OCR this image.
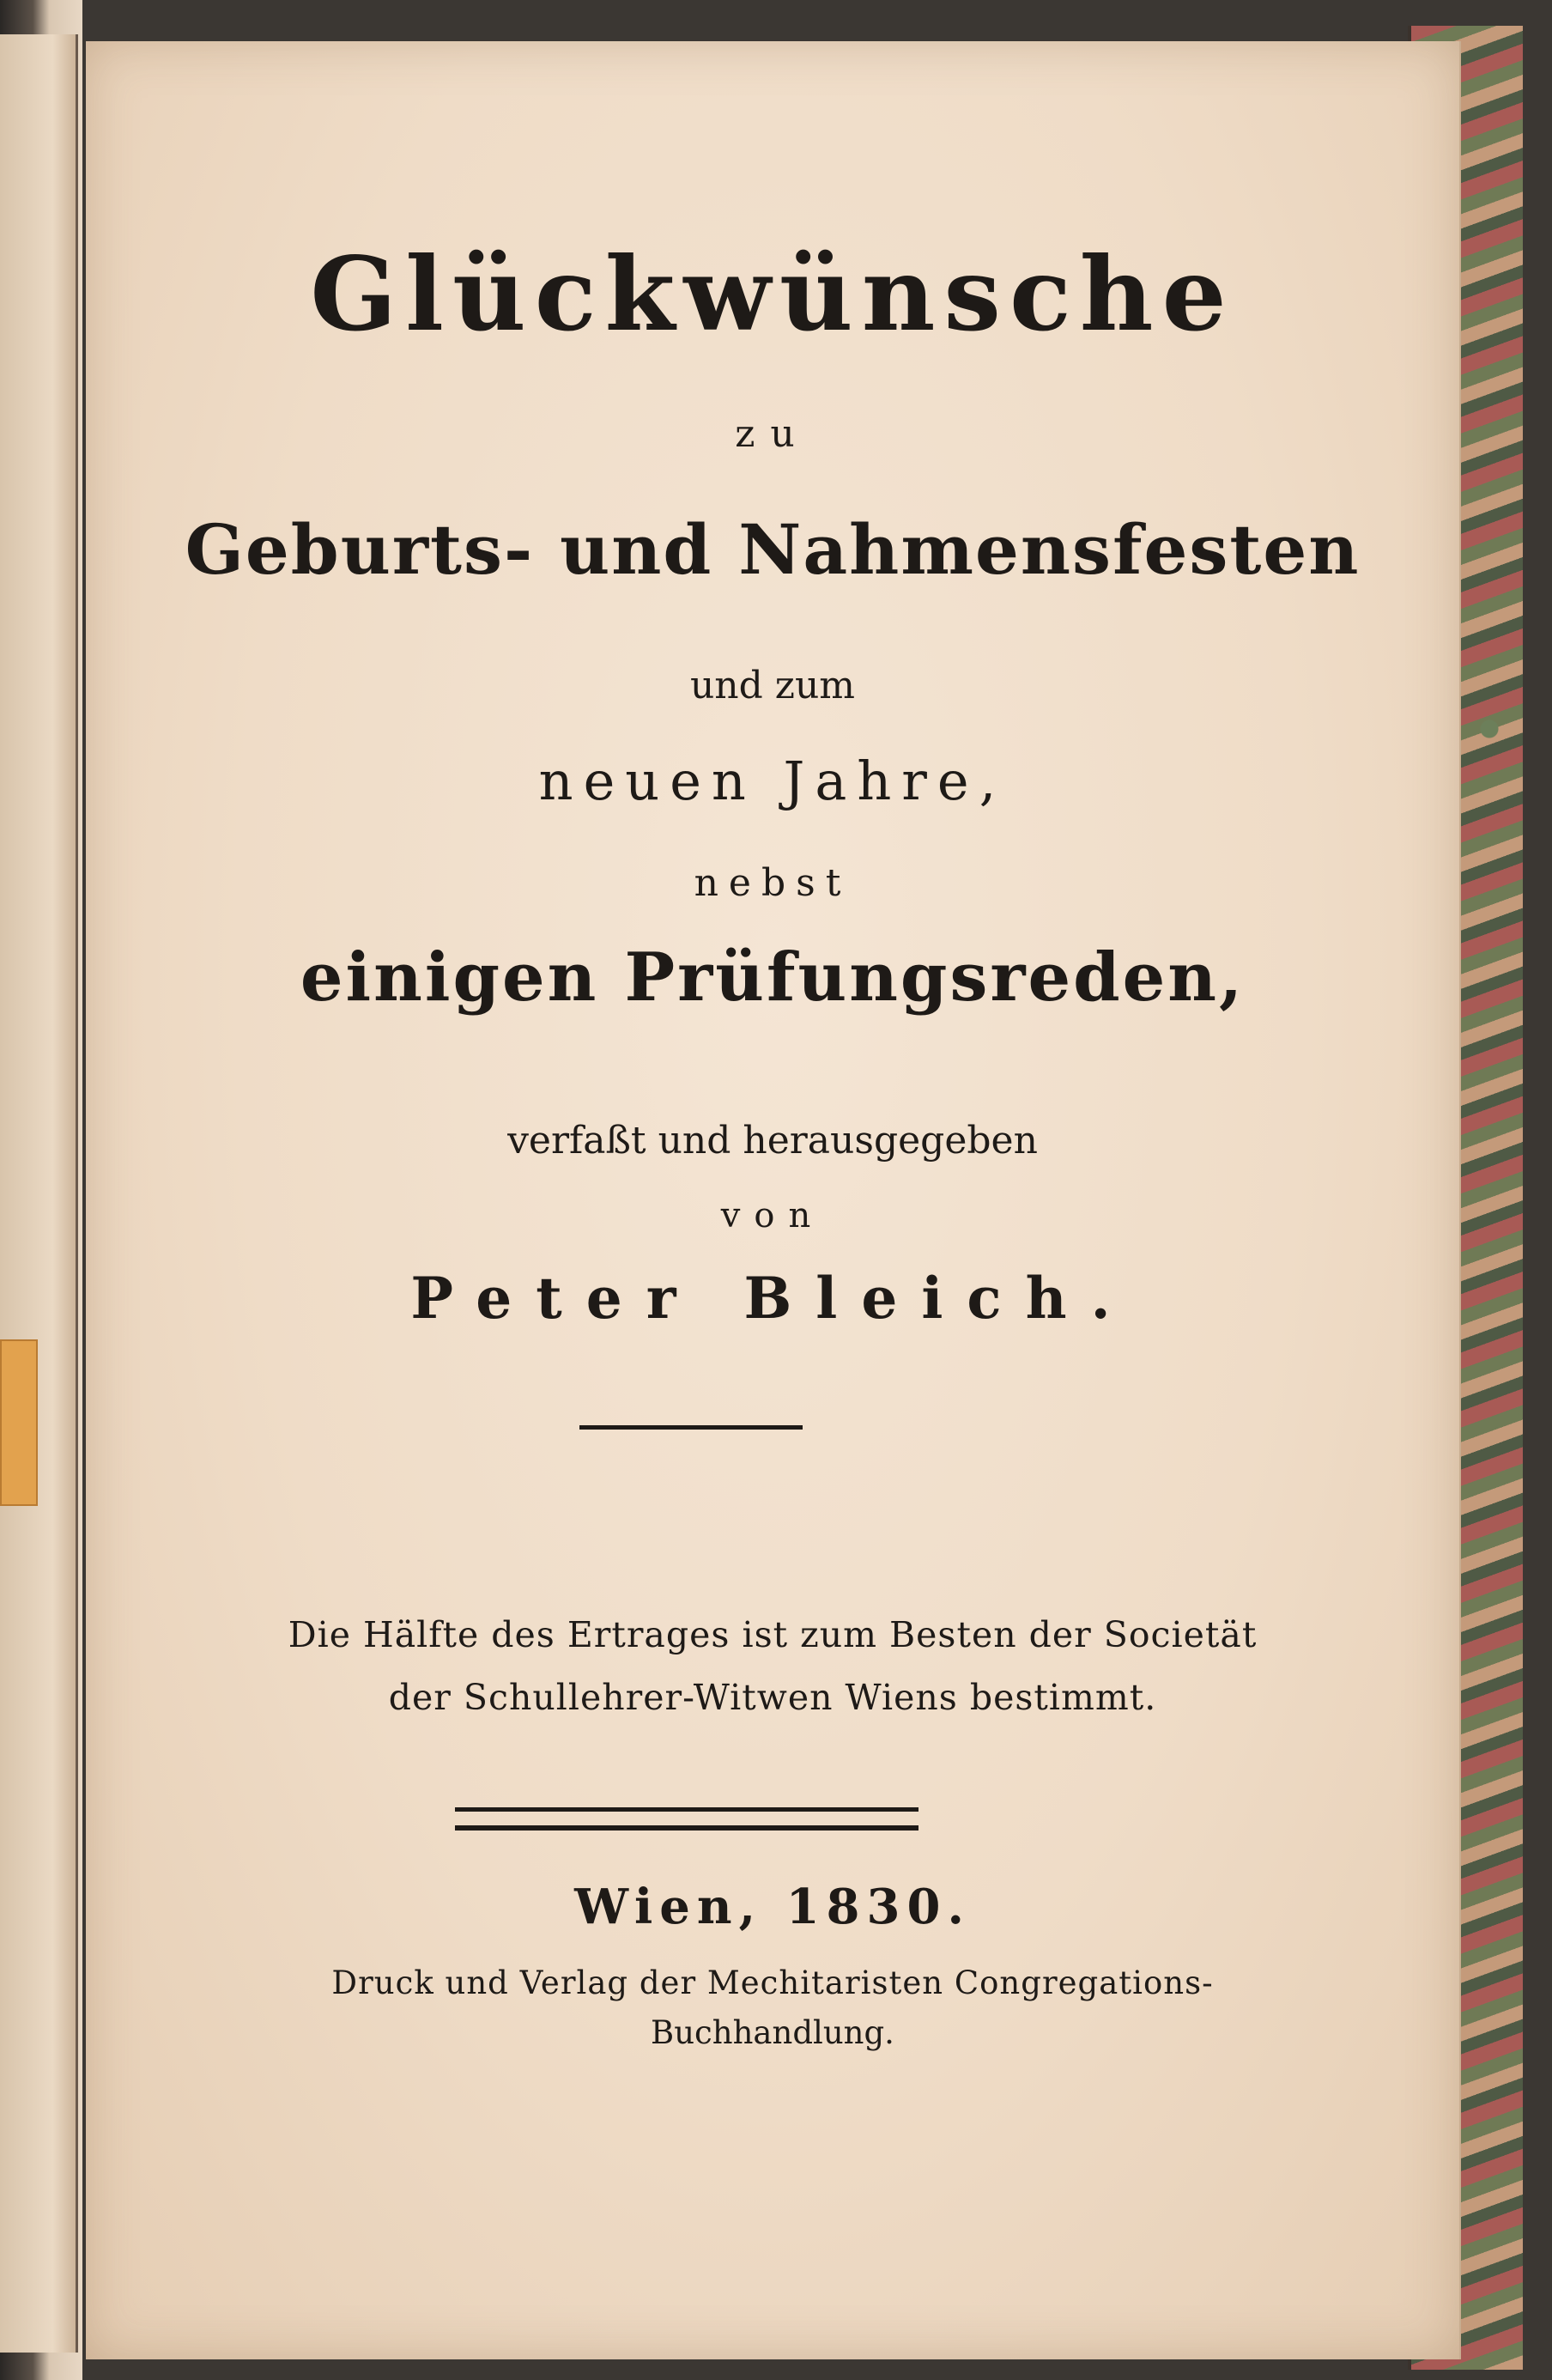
Glückwünsche
zu
Geburts- und Nahmensfesten
und zum
neuen Jahre,
nebst
einigen Prüfungsreden,
verfaßt und herausgegeben
von
Peter Bleich.
Die Hälfte des Ertrages ist zum Besten der Societät
der Schullehrer-Witwen Wiens bestimmt.
Wien, 1830.
Druck und Verlag der Mechitaristen Congregations-
Buchhandlung.
